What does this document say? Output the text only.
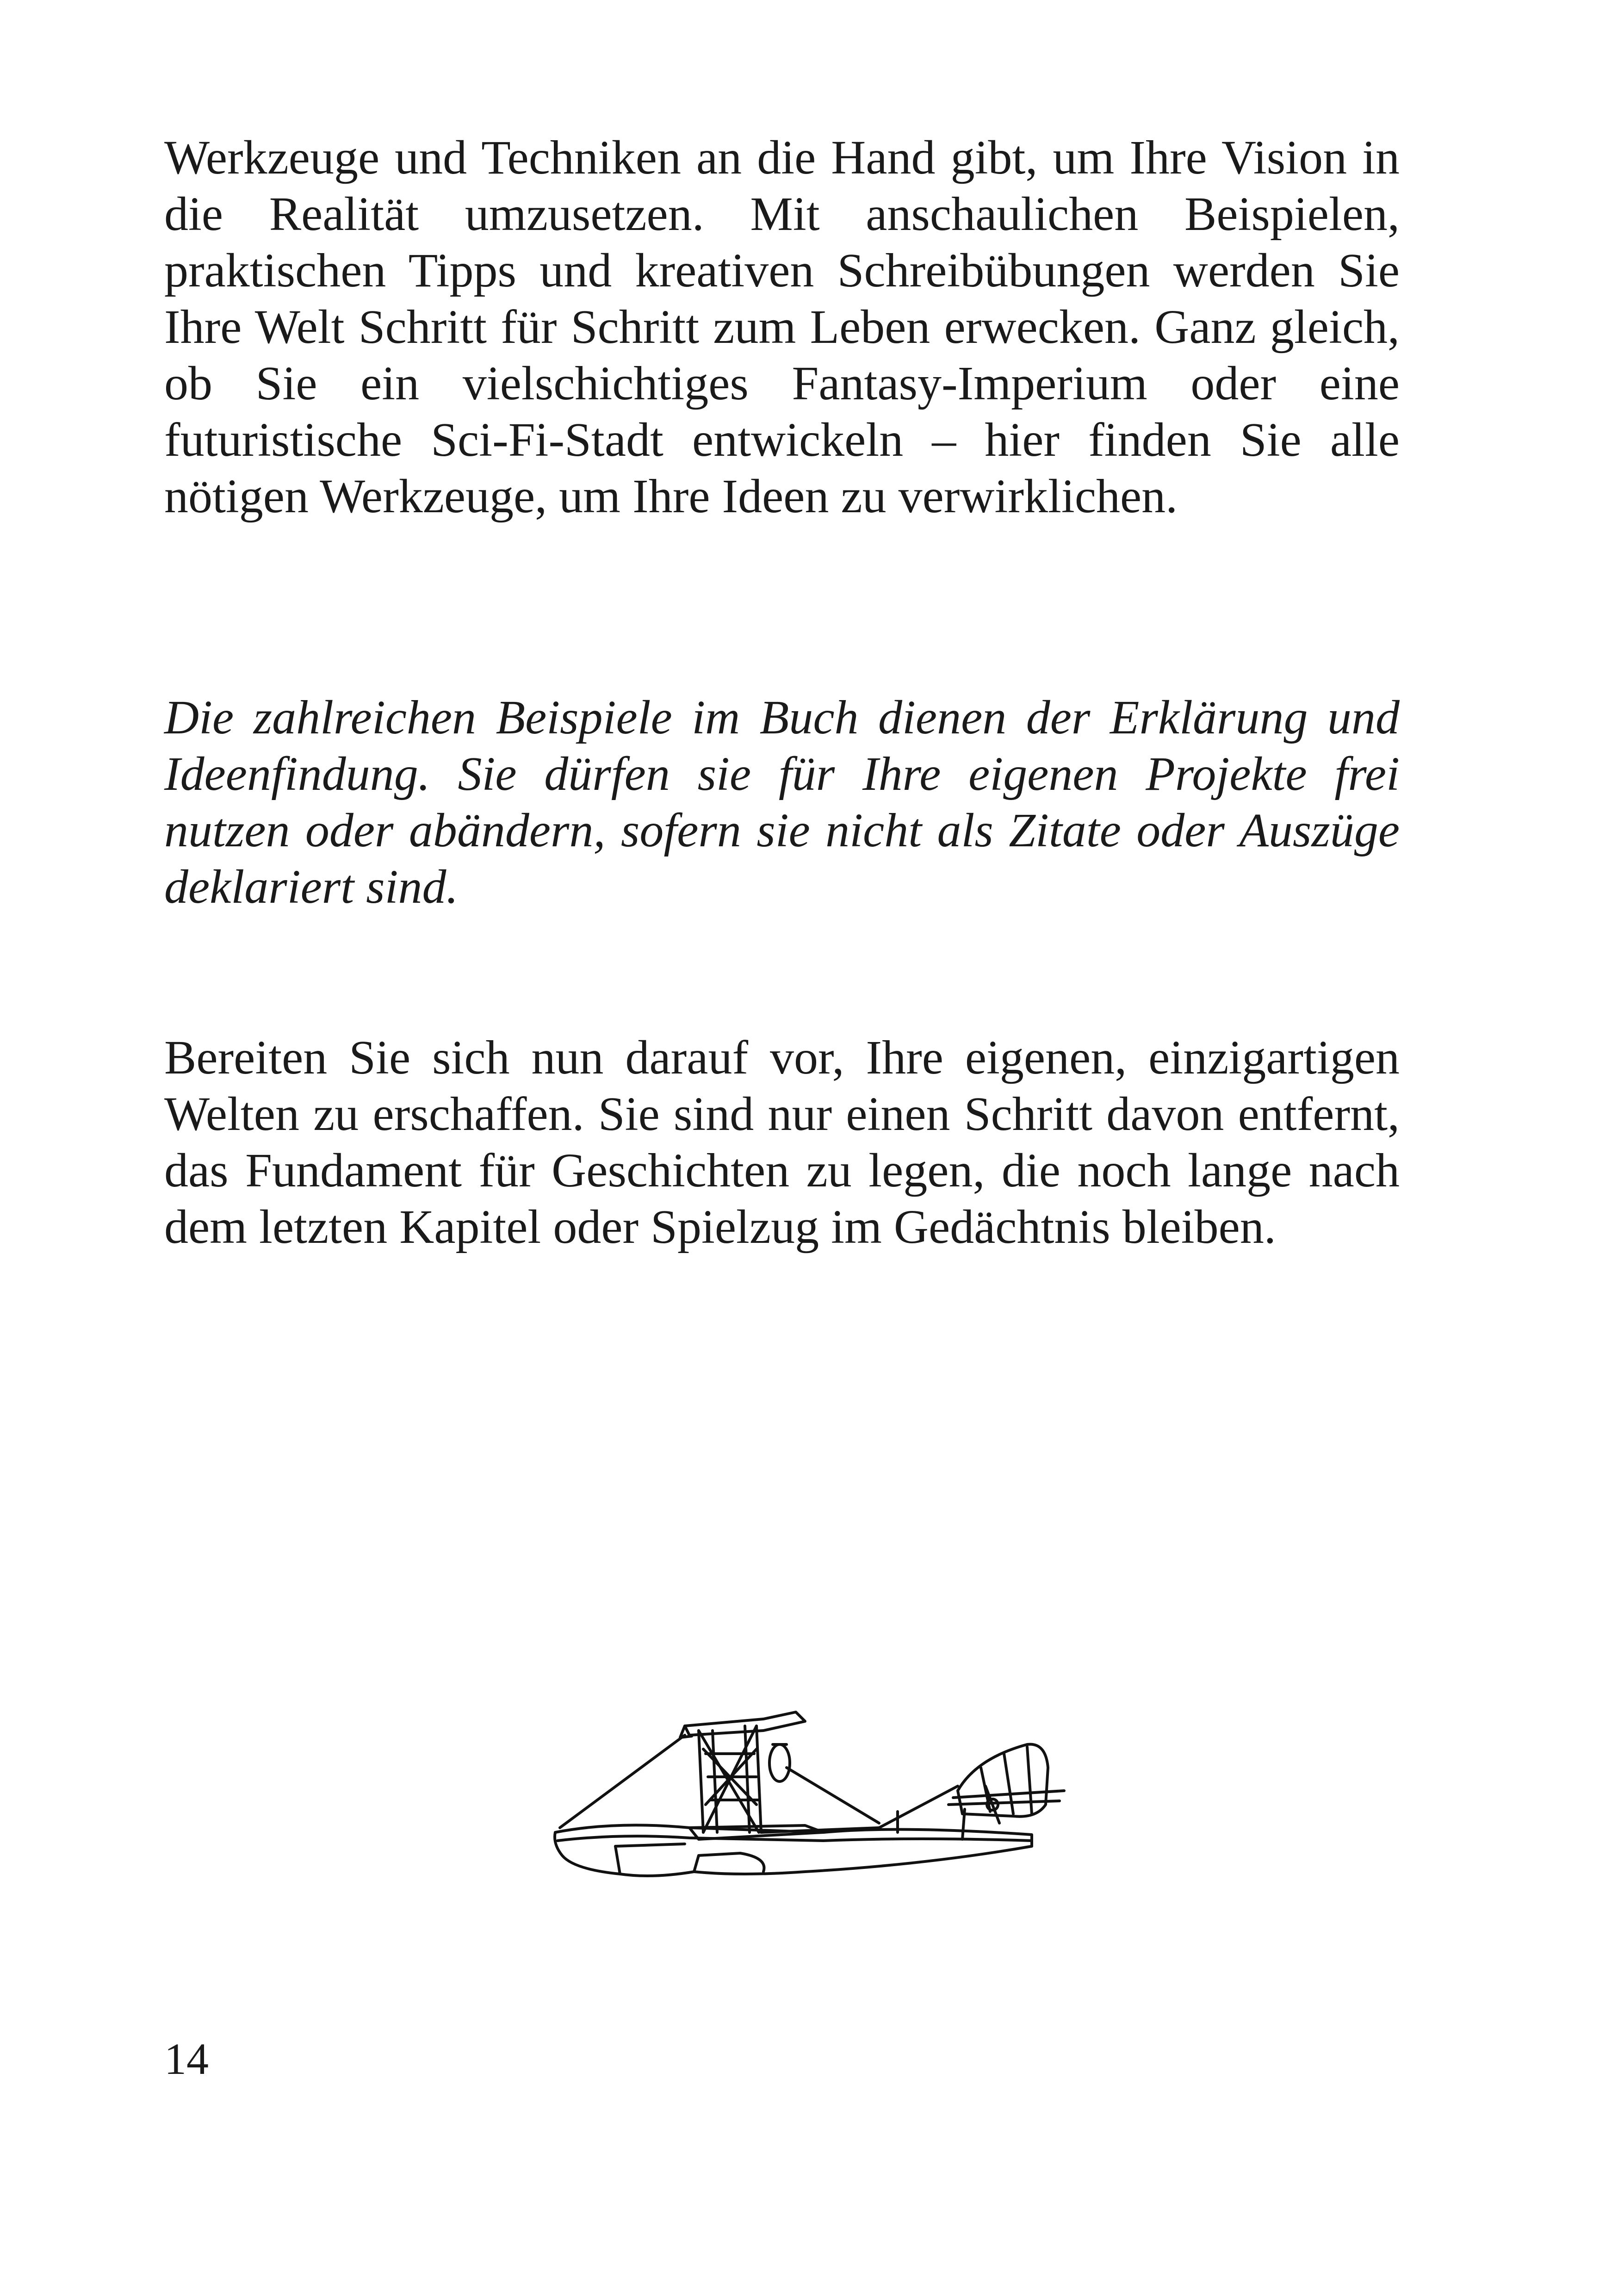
Werkzeuge und Techniken an die Hand gibt, um Ihre Vision in die Realität umzusetzen. Mit anschaulichen Beispielen, praktischen Tipps und kreativen Schreibübungen werden Sie Ihre Welt Schritt für Schritt zum Leben erwecken. Ganz gleich, ob Sie ein vielschichtiges Fantasy-Imperium oder eine futuristische Sci-Fi-Stadt entwickeln – hier finden Sie alle nötigen Werkzeuge, um Ihre Ideen zu verwirklichen.

Die zahlreichen Beispiele im Buch dienen der Erklärung und Ideenfindung. Sie dürfen sie für Ihre eigenen Projekte frei nutzen oder abändern, sofern sie nicht als Zitate oder Auszüge deklariert sind.

Bereiten Sie sich nun darauf vor, Ihre eigenen, einzigartigen Welten zu erschaffen. Sie sind nur einen Schritt davon entfernt, das Fundament für Geschichten zu legen, die noch lange nach dem letzten Kapitel oder Spielzug im Gedächtnis bleiben.

14
